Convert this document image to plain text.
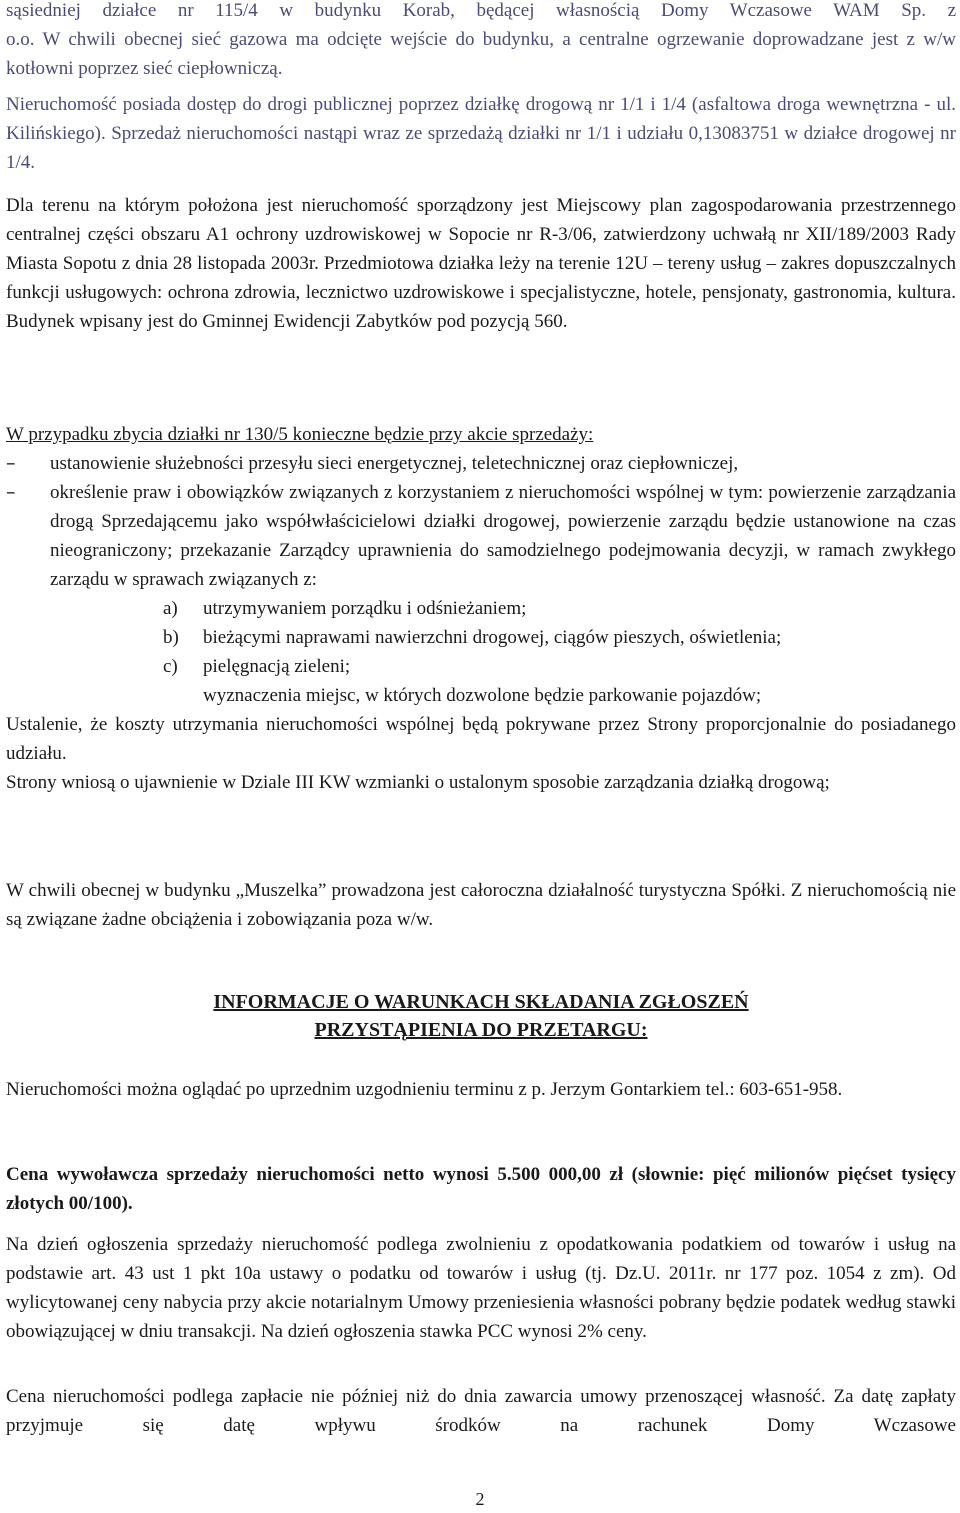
sąsiedniej działce nr 115/4 w budynku Korab, będącej własnością Domy Wczasowe WAM Sp. z
o.o. W chwili obecnej sieć gazowa ma odcięte wejście do budynku, a centralne ogrzewanie doprowadzane jest z w/w kotłowni poprzez sieć ciepłowniczą.

Nieruchomość posiada dostęp do drogi publicznej poprzez działkę drogową nr 1/1 i 1/4 (asfaltowa droga wewnętrzna - ul. Kilińskiego). Sprzedaż nieruchomości nastąpi wraz ze sprzedażą działki nr 1/1 i udziału 0,13083751 w działce drogowej nr 1/4.

Dla terenu na którym położona jest nieruchomość sporządzony jest Miejscowy plan zagospodarowania przestrzennego centralnej części obszaru A1 ochrony uzdrowiskowej w Sopocie nr R-3/06, zatwierdzony uchwałą nr XII/189/2003 Rady Miasta Sopotu z dnia 28 listopada 2003r. Przedmiotowa działka leży na terenie 12U – tereny usług – zakres dopuszczalnych funkcji usługowych: ochrona zdrowia, lecznictwo uzdrowiskowe i specjalistyczne, hotele, pensjonaty, gastronomia, kultura. Budynek wpisany jest do Gminnej Ewidencji Zabytków pod pozycją 560.

W przypadku zbycia działki nr 130/5 konieczne będzie przy akcie sprzedaży:

–	ustanowienie służebności przesyłu sieci energetycznej, teletechnicznej oraz ciepłowniczej,
–	określenie praw i obowiązków związanych z korzystaniem z nieruchomości wspólnej w tym: powierzenie zarządzania drogą Sprzedającemu jako współwłaścicielowi działki drogowej, powierzenie zarządu będzie ustanowione na czas nieograniczony; przekazanie Zarządcy uprawnienia do samodzielnego podejmowania decyzji, w ramach zwykłego zarządu w sprawach związanych z:
a) utrzymywaniem porządku i odśnieżaniem;
b) bieżącymi naprawami nawierzchni drogowej, ciągów pieszych, oświetlenia;
c) pielęgnacją zieleni;
wyznaczenia miejsc, w których dozwolone będzie parkowanie pojazdów;

Ustalenie, że koszty utrzymania nieruchomości wspólnej będą pokrywane przez Strony proporcjonalnie do posiadanego udziału.

Strony wniosą o ujawnienie w Dziale III KW wzmianki o ustalonym sposobie zarządzania działką drogową;

W chwili obecnej w budynku „Muszelka” prowadzona jest całoroczna działalność turystyczna Spółki. Z nieruchomością nie są związane żadne obciążenia i zobowiązania poza w/w.

INFORMACJE O WARUNKACH SKŁADANIA ZGŁOSZEŃ

PRZYSTĄPIENIA DO PRZETARGU:

Nieruchomości można oglądać po uprzednim uzgodnieniu terminu z p. Jerzym Gontarkiem tel.: 603-651-958.

Cena wywoławcza sprzedaży nieruchomości netto wynosi 5.500 000,00 zł (słownie: pięć milionów pięćset tysięcy złotych 00/100).

Na dzień ogłoszenia sprzedaży nieruchomość podlega zwolnieniu z opodatkowania podatkiem od towarów i usług na podstawie art. 43 ust 1 pkt 10a ustawy o podatku od towarów i usług (tj. Dz.U. 2011r. nr 177 poz. 1054 z zm). Od wylicytowanej ceny nabycia przy akcie notarialnym Umowy przeniesienia własności pobrany będzie podatek według stawki obowiązującej w dniu transakcji. Na dzień ogłoszenia stawka PCC wynosi 2% ceny.

Cena nieruchomości podlega zapłacie nie później niż do dnia zawarcia umowy przenoszącej własność. Za datę zapłaty przyjmuje się datę wpływu środków na rachunek Domy Wczasowe

2
